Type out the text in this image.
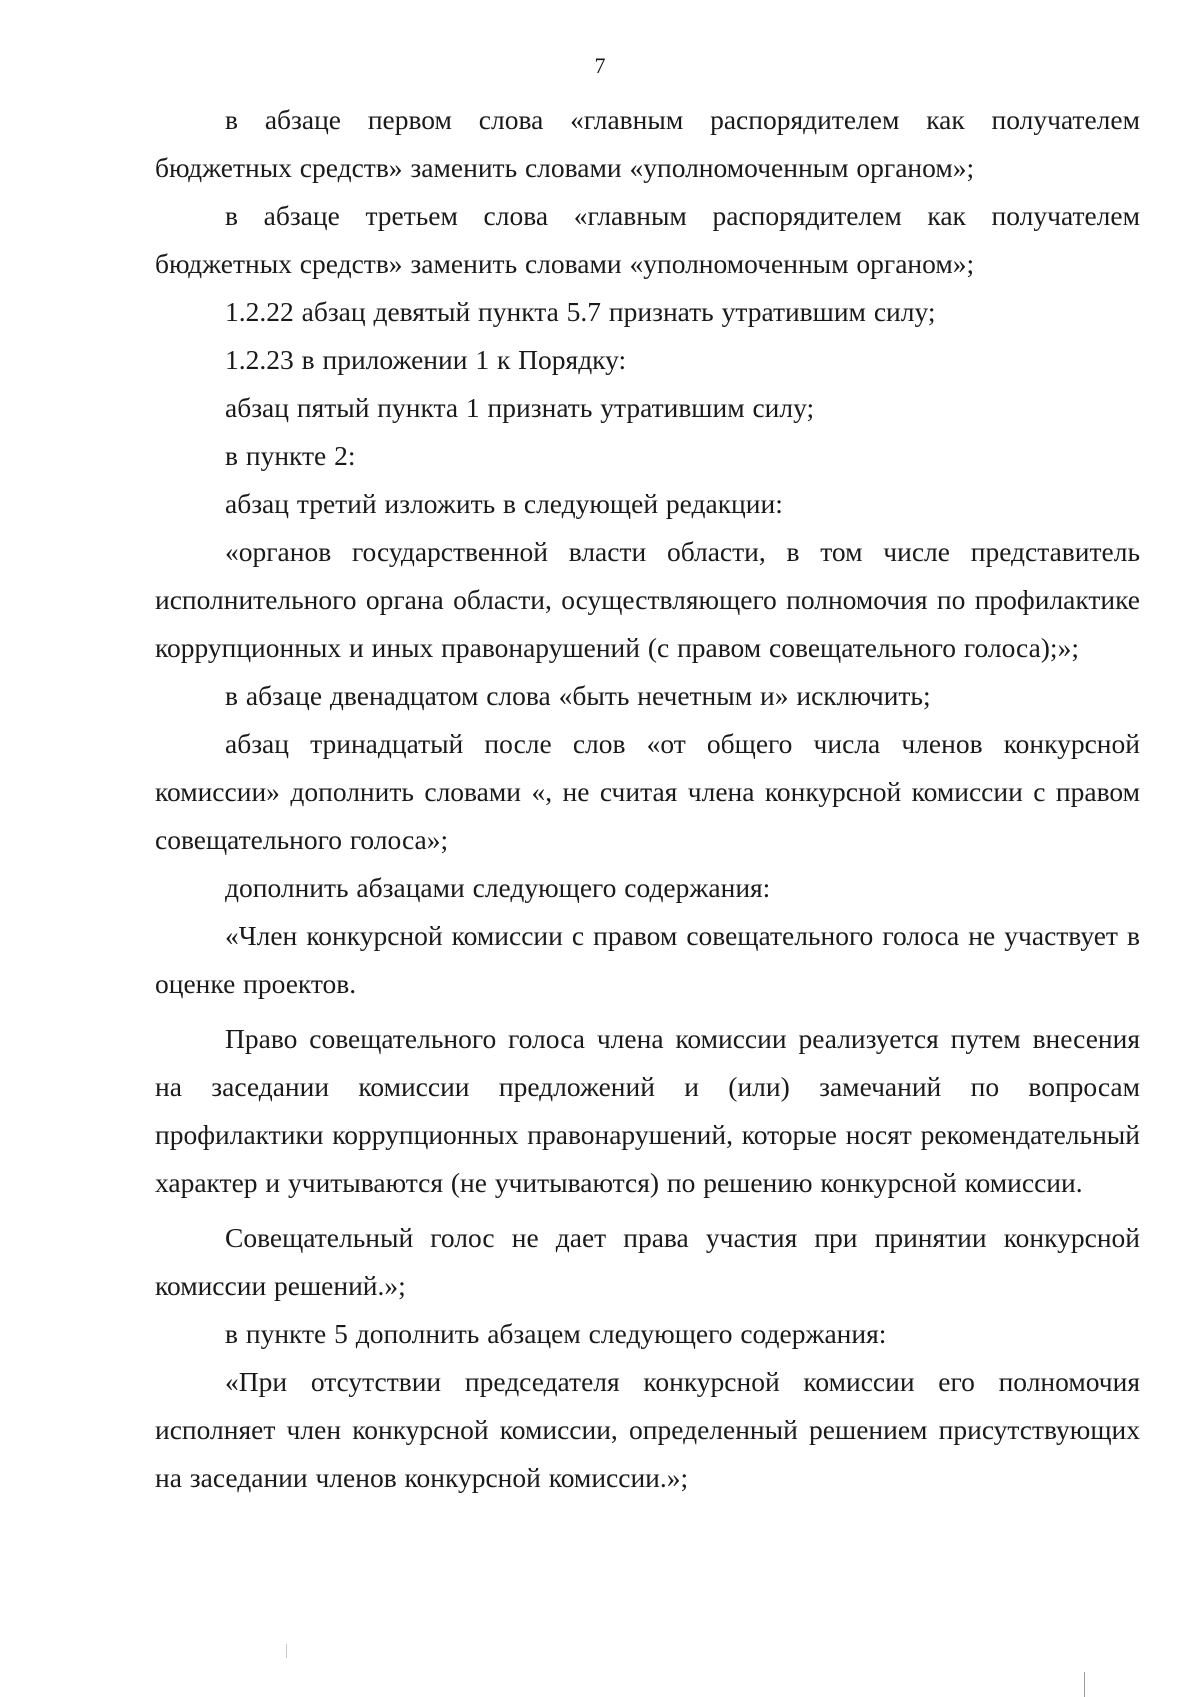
7

в абзаце первом слова «главным распорядителем как получателем бюджетных средств» заменить словами «уполномоченным органом»;

в абзаце третьем слова «главным распорядителем как получателем бюджетных средств» заменить словами «уполномоченным органом»;

1.2.22 абзац девятый пункта 5.7 признать утратившим силу;

1.2.23 в приложении 1 к Порядку:

абзац пятый пункта 1 признать утратившим силу;

в пункте 2:

абзац третий изложить в следующей редакции:

«органов государственной власти области, в том числе представитель исполнительного органа области, осуществляющего полномочия по профилактике коррупционных и иных правонарушений (с правом совещательного голоса);»;

в абзаце двенадцатом слова «быть нечетным и» исключить;

абзац тринадцатый после слов «от общего числа членов конкурсной комиссии» дополнить словами «, не считая члена конкурсной комиссии с правом совещательного голоса»;

дополнить абзацами следующего содержания:

«Член конкурсной комиссии с правом совещательного голоса не участвует в оценке проектов.

Право совещательного голоса члена комиссии реализуется путем внесения на заседании комиссии предложений и (или) замечаний по вопросам профилактики коррупционных правонарушений, которые носят рекомендательный характер и учитываются (не учитываются) по решению конкурсной комиссии.

Совещательный голос не дает права участия при принятии конкурсной комиссии решений.»;

в пункте 5 дополнить абзацем следующего содержания:

«При отсутствии председателя конкурсной комиссии его полномочия исполняет член конкурсной комиссии, определенный решением присутствующих на заседании членов конкурсной комиссии.»;
